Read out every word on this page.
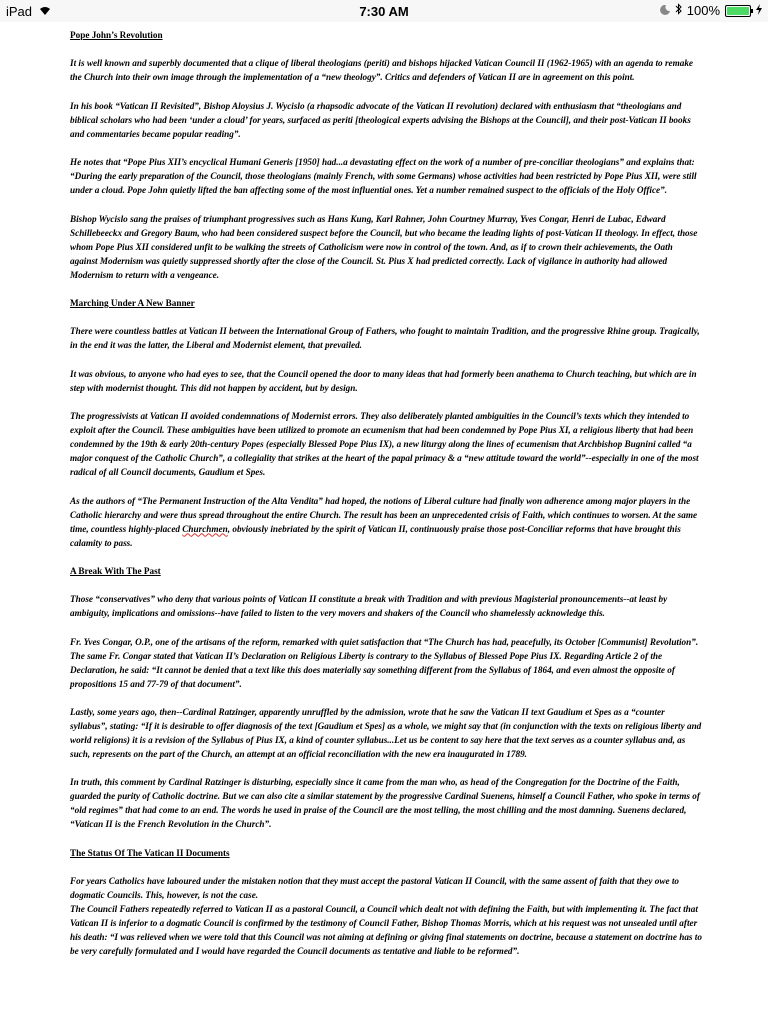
iPad	7:30 AM	100%

Pope John’s Revolution

It is well known and superbly documented that a clique of liberal theologians (periti) and bishops hijacked Vatican Council II (1962-1965) with an agenda to remake the Church into their own image through the implementation of a “new theology”. Critics and defenders of Vatican II are in agreement on this point.

In his book “Vatican II Revisited”, Bishop Aloysius J. Wycislo (a rhapsodic advocate of the Vatican II revolution) declared with enthusiasm that “theologians and biblical scholars who had been ‘under a cloud’ for years, surfaced as periti [theological experts advising the Bishops at the Council], and their post-Vatican II books and commentaries became popular reading”.

He notes that “Pope Pius XII’s encyclical Humani Generis [1950] had...a devastating effect on the work of a number of pre-conciliar theologians” and explains that: “During the early preparation of the Council, those theologians (mainly French, with some Germans) whose activities had been restricted by Pope Pius XII, were still under a cloud. Pope John quietly lifted the ban affecting some of the most influential ones. Yet a number remained suspect to the officials of the Holy Office”.

Bishop Wycislo sang the praises of triumphant progressives such as Hans Kung, Karl Rahner, John Courtney Murray, Yves Congar, Henri de Lubac, Edward Schillebeeckx and Gregory Baum, who had been considered suspect before the Council, but who became the leading lights of post-Vatican II theology. In effect, those whom Pope Pius XII considered unfit to be walking the streets of Catholicism were now in control of the town. And, as if to crown their achievements, the Oath against Modernism was quietly suppressed shortly after the close of the Council. St. Pius X had predicted correctly. Lack of vigilance in authority had allowed Modernism to return with a vengeance.

Marching Under A New Banner

There were countless battles at Vatican II between the International Group of Fathers, who fought to maintain Tradition, and the progressive Rhine group. Tragically, in the end it was the latter, the Liberal and Modernist element, that prevailed.

It was obvious, to anyone who had eyes to see, that the Council opened the door to many ideas that had formerly been anathema to Church teaching, but which are in step with modernist thought. This did not happen by accident, but by design.

The progressivists at Vatican II avoided condemnations of Modernist errors. They also deliberately planted ambiguities in the Council’s texts which they intended to exploit after the Council. These ambiguities have been utilized to promote an ecumenism that had been condemned by Pope Pius XI, a religious liberty that had been condemned by the 19th & early 20th-century Popes (especially Blessed Pope Pius IX), a new liturgy along the lines of ecumenism that Archbishop Bugnini called “a major conquest of the Catholic Church”, a collegiality that strikes at the heart of the papal primacy & a “new attitude toward the world”--especially in one of the most radical of all Council documents, Gaudium et Spes.

As the authors of “The Permanent Instruction of the Alta Vendita” had hoped, the notions of Liberal culture had finally won adherence among major players in the Catholic hierarchy and were thus spread throughout the entire Church. The result has been an unprecedented crisis of Faith, which continues to worsen. At the same time, countless highly-placed Churchmen, obviously inebriated by the spirit of Vatican II, continuously praise those post-Conciliar reforms that have brought this calamity to pass.

A Break With The Past

Those “conservatives” who deny that various points of Vatican II constitute a break with Tradition and with previous Magisterial pronouncements--at least by ambiguity, implications and omissions--have failed to listen to the very movers and shakers of the Council who shamelessly acknowledge this.

Fr. Yves Congar, O.P., one of the artisans of the reform, remarked with quiet satisfaction that “The Church has had, peacefully, its October [Communist] Revolution”. The same Fr. Congar stated that Vatican II’s Declaration on Religious Liberty is contrary to the Syllabus of Blessed Pope Pius IX. Regarding Article 2 of the Declaration, he said: “It cannot be denied that a text like this does materially say something different from the Syllabus of 1864, and even almost the opposite of propositions 15 and 77-79 of that document”.

Lastly, some years ago, then--Cardinal Ratzinger, apparently unruffled by the admission, wrote that he saw the Vatican II text Gaudium et Spes as a “counter syllabus”, stating: “If it is desirable to offer diagnosis of the text [Gaudium et Spes] as a whole, we might say that (in conjunction with the texts on religious liberty and world religions) it is a revision of the Syllabus of Pius IX, a kind of counter syllabus...Let us be content to say here that the text serves as a counter syllabus and, as such, represents on the part of the Church, an attempt at an official reconciliation with the new era inaugurated in 1789.

In truth, this comment by Cardinal Ratzinger is disturbing, especially since it came from the man who, as head of the Congregation for the Doctrine of the Faith, guarded the purity of Catholic doctrine. But we can also cite a similar statement by the progressive Cardinal Suenens, himself a Council Father, who spoke in terms of “old regimes” that had come to an end. The words he used in praise of the Council are the most telling, the most chilling and the most damning. Suenens declared, “Vatican II is the French Revolution in the Church”.

The Status Of The Vatican II Documents

For years Catholics have laboured under the mistaken notion that they must accept the pastoral Vatican II Council, with the same assent of faith that they owe to dogmatic Councils. This, however, is not the case.

The Council Fathers repeatedly referred to Vatican II as a pastoral Council, a Council which dealt not with defining the Faith, but with implementing it. The fact that Vatican II is inferior to a dogmatic Council is confirmed by the testimony of Council Father, Bishop Thomas Morris, which at his request was not unsealed until after his death: “I was relieved when we were told that this Council was not aiming at defining or giving final statements on doctrine, because a statement on doctrine has to be very carefully formulated and I would have regarded the Council documents as tentative and liable to be reformed”.
